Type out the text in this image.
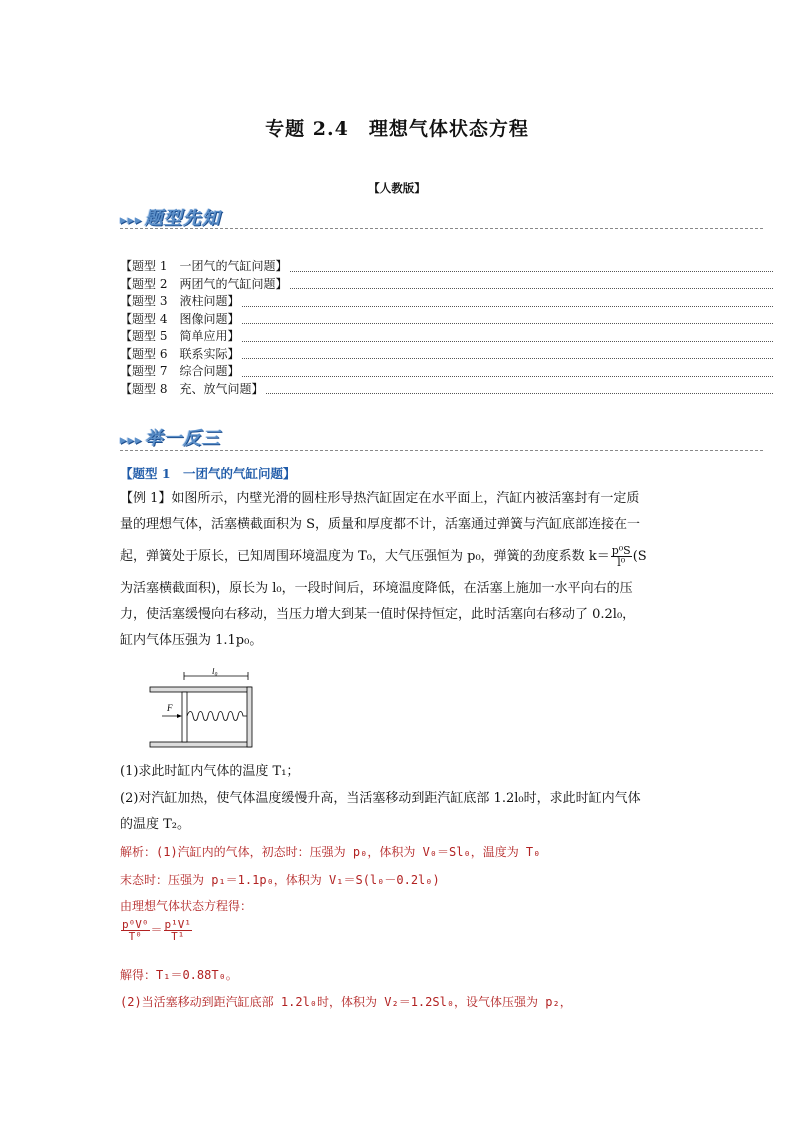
专题 2.4　理想气体状态方程
【人教版】
▸▸▸ 题型先知
【题型 1　一团气的气缸问题】
【题型 2　两团气的气缸问题】
【题型 3　液柱问题】
【题型 4　图像问题】
【题型 5　简单应用】
【题型 6　联系实际】
【题型 7　综合问题】
【题型 8　充、放气问题】
▸▸▸ 举一反三
【题型 1　一团气的气缸问题】
【例 1】如图所示，内壁光滑的圆柱形导热汽缸固定在水平面上，汽缸内被活塞封有一定质
量的理想气体，活塞横截面积为 S，质量和厚度都不计，活塞通过弹簧与汽缸底部连接在一
起，弹簧处于原长，已知周围环境温度为 T₀，大气压强恒为 p₀，弹簧的劲度系数 $k= \frac{\text{p⁰S}}{\text{l⁰}} (S$
为活塞横截面积)，原长为 l₀，一段时间后，环境温度降低，在活塞上施加一水平向右的压
力，使活塞缓慢向右移动，当压力增大到某一值时保持恒定，此时活塞向右移动了 0.2l₀，
缸内气体压强为 1.1p₀。
l₀
F
(1)求此时缸内气体的温度 T₁；
(2)对汽缸加热，使气体温度缓慢升高，当活塞移动到距汽缸底部 1.2l₀时，求此时缸内气体
的温度 T₂。
解析：(1)汽缸内的气体，初态时：压强为 p₀，体积为 V₀＝Sl₀，温度为 T₀
末态时：压强为 p₁＝1.1p₀，体积为 V₁＝S(l₀－0.2l₀)
由理想气体状态方程得：
$\frac{\text{p⁰V⁰}}{\text{T⁰}} = \frac{\text{p¹V¹}}{\text{T¹}}$
解得：T₁＝0.88T₀。
(2)当活塞移动到距汽缸底部 1.2l₀时，体积为 V₂＝1.2Sl₀，设气体压强为 p₂，
